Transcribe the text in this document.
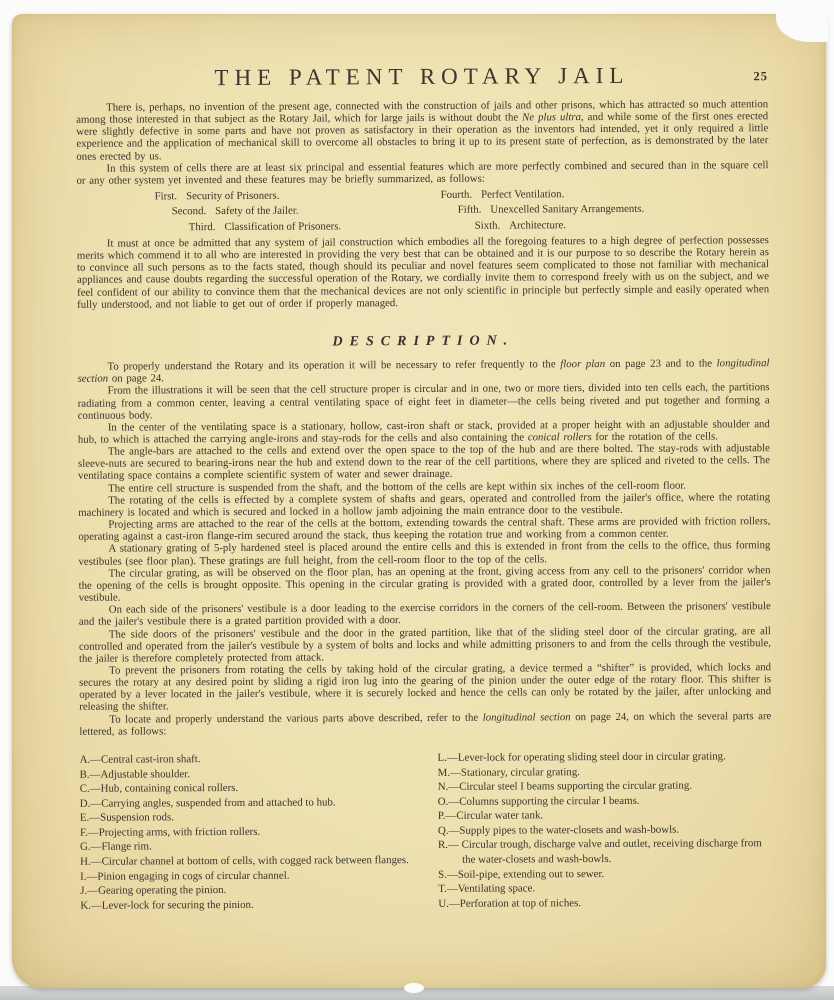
THE PATENT ROTARY JAIL	25

There is, perhaps, no invention of the present age, connected with the construction of jails and other prisons, which has attracted so much attention among those interested in that subject as the Rotary Jail, which for large jails is without doubt the Ne plus ultra, and while some of the first ones erected were slightly defective in some parts and have not proven as satisfactory in their operation as the inventors had intended, yet it only required a little experience and the application of mechanical skill to overcome all obstacles to bring it up to its present state of perfection, as is demonstrated by the later ones erected by us.

In this system of cells there are at least six principal and essential features which are more perfectly combined and secured than in the square cell or any other system yet invented and these features may be briefly summarized, as follows:

First. Security of Prisoners.
Second. Safety of the Jailer.
Third. Classification of Prisoners.
Fourth. Perfect Ventilation.
Fifth. Unexcelled Sanitary Arrangements.
Sixth. Architecture.

It must at once be admitted that any system of jail construction which embodies all the foregoing features to a high degree of perfection possesses merits which commend it to all who are interested in providing the very best that can be obtained and it is our purpose to so describe the Rotary herein as to convince all such persons as to the facts stated, though should its peculiar and novel features seem complicated to those not familiar with mechanical appliances and cause doubts regarding the successful operation of the Rotary, we cordially invite them to correspond freely with us on the subject, and we feel confident of our ability to convince them that the mechanical devices are not only scientific in principle but perfectly simple and easily operated when fully understood, and not liable to get out of order if properly managed.

DESCRIPTION.

To properly understand the Rotary and its operation it will be necessary to refer frequently to the floor plan on page 23 and to the longitudinal section on page 24.

From the illustrations it will be seen that the cell structure proper is circular and in one, two or more tiers, divided into ten cells each, the partitions radiating from a common center, leaving a central ventilating space of eight feet in diameter—the cells being riveted and put together and forming a continuous body.

In the center of the ventilating space is a stationary, hollow, cast-iron shaft or stack, provided at a proper height with an adjustable shoulder and hub, to which is attached the carrying angle-irons and stay-rods for the cells and also containing the conical rollers for the rotation of the cells.

The angle-bars are attached to the cells and extend over the open space to the top of the hub and are there bolted. The stay-rods with adjustable sleeve-nuts are secured to bearing-irons near the hub and extend down to the rear of the cell partitions, where they are spliced and riveted to the cells. The ventilating space contains a complete scientific system of water and sewer drainage.

The entire cell structure is suspended from the shaft, and the bottom of the cells are kept within six inches of the cell-room floor.

The rotating of the cells is effected by a complete system of shafts and gears, operated and controlled from the jailer's office, where the rotating machinery is located and which is secured and locked in a hollow jamb adjoining the main entrance door to the vestibule.

Projecting arms are attached to the rear of the cells at the bottom, extending towards the central shaft. These arms are provided with friction rollers, operating against a cast-iron flange-rim secured around the stack, thus keeping the rotation true and working from a common center.

A stationary grating of 5-ply hardened steel is placed around the entire cells and this is extended in front from the cells to the office, thus forming vestibules (see floor plan). These gratings are full height, from the cell-room floor to the top of the cells.

The circular grating, as will be observed on the floor plan, has an opening at the front, giving access from any cell to the prisoners' corridor when the opening of the cells is brought opposite. This opening in the circular grating is provided with a grated door, controlled by a lever from the jailer's vestibule.

On each side of the prisoners' vestibule is a door leading to the exercise corridors in the corners of the cell-room. Between the prisoners' vestibule and the jailer's vestibule there is a grated partition provided with a door.

The side doors of the prisoners' vestibule and the door in the grated partition, like that of the sliding steel door of the circular grating, are all controlled and operated from the jailer's vestibule by a system of bolts and locks and while admitting prisoners to and from the cells through the vestibule, the jailer is therefore completely protected from attack.

To prevent the prisoners from rotating the cells by taking hold of the circular grating, a device termed a “shifter” is provided, which locks and secures the rotary at any desired point by sliding a rigid iron lug into the gearing of the pinion under the outer edge of the rotary floor. This shifter is operated by a lever located in the jailer's vestibule, where it is securely locked and hence the cells can only be rotated by the jailer, after unlocking and releasing the shifter.

To locate and properly understand the various parts above described, refer to the longitudinal section on page 24, on which the several parts are lettered, as follows:

A.—Central cast-iron shaft.
B.—Adjustable shoulder.
C.—Hub, containing conical rollers.
D.—Carrying angles, suspended from and attached to hub.
E.—Suspension rods.
F.—Projecting arms, with friction rollers.
G.—Flange rim.
H.—Circular channel at bottom of cells, with cogged rack between flanges.
I.—Pinion engaging in cogs of circular channel.
J.—Gearing operating the pinion.
K.—Lever-lock for securing the pinion.
L.—Lever-lock for operating sliding steel door in circular grating.
M.—Stationary, circular grating.
N.—Circular steel I beams supporting the circular grating.
O.—Columns supporting the circular I beams.
P.—Circular water tank.
Q.—Supply pipes to the water-closets and wash-bowls.
R.— Circular trough, discharge valve and outlet, receiving discharge from the water-closets and wash-bowls.
S.—Soil-pipe, extending out to sewer.
T.—Ventilating space.
U.—Perforation at top of niches.
